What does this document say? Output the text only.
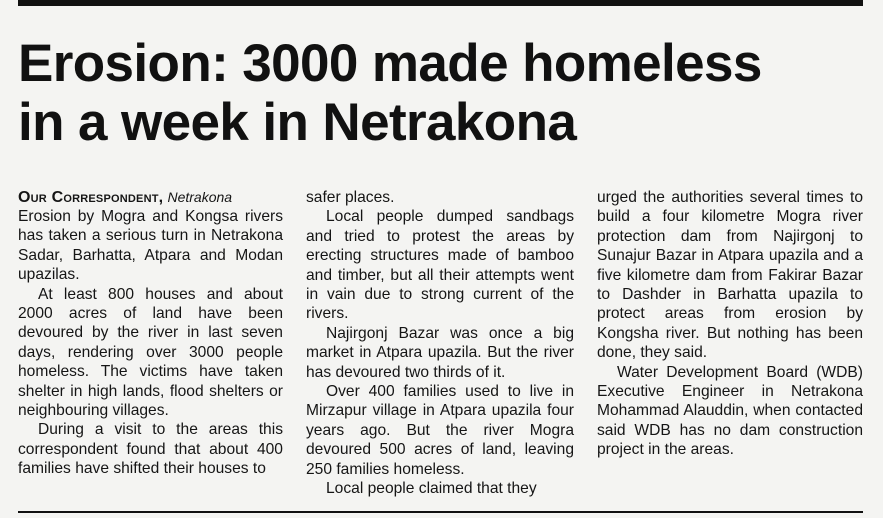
Erosion: 3000 made homeless
in a week in Netrakona

Our Correspondent, Netrakona

Erosion by Mogra and Kongsa rivers has taken a serious turn in Netrakona Sadar, Barhatta, Atpara and Modan upazilas.

At least 800 houses and about 2000 acres of land have been devoured by the river in last seven days, rendering over 3000 people homeless. The victims have taken shelter in high lands, flood shelters or neighbouring villages.

During a visit to the areas this correspondent found that about 400 families have shifted their houses to

safer places.

Local people dumped sandbags and tried to protest the areas by erecting structures made of bamboo and timber, but all their attempts went in vain due to strong current of the rivers.

Najirgonj Bazar was once a big market in Atpara upazila. But the river has devoured two thirds of it.

Over 400 families used to live in Mirzapur village in Atpara upazila four years ago. But the river Mogra devoured 500 acres of land, leaving 250 families homeless.

Local people claimed that they

urged the authorities several times to build a four kilometre Mogra river protection dam from Najirgonj to Sunajur Bazar in Atpara upazila and a five kilometre dam from Fakirar Bazar to Dashder in Barhatta upazila to protect areas from erosion by Kongsha river. But nothing has been done, they said.

Water Development Board (WDB) Executive Engineer in Netrakona Mohammad Alauddin, when contacted said WDB has no dam construction project in the areas.
